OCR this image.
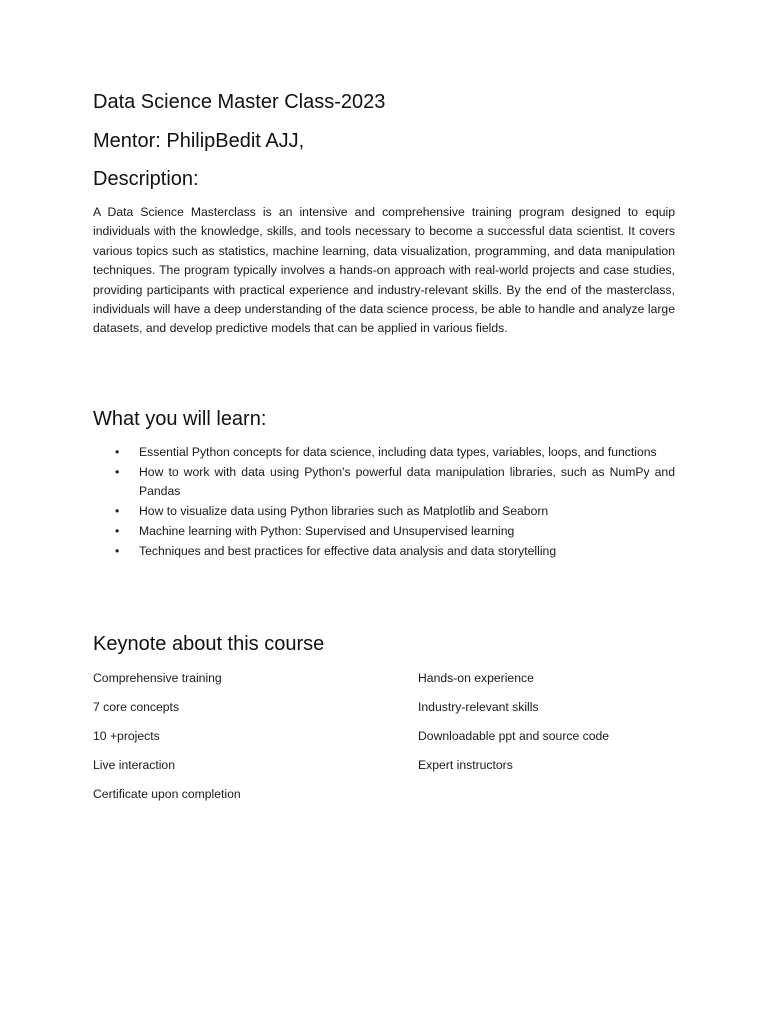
Data Science Master Class-2023
Mentor: PhilipBedit AJJ,
Description:

A Data Science Masterclass is an intensive and comprehensive training program designed to equip individuals with the knowledge, skills, and tools necessary to become a successful data scientist. It covers various topics such as statistics, machine learning, data visualization, programming, and data manipulation techniques. The program typically involves a hands-on approach with real-world projects and case studies, providing participants with practical experience and industry-relevant skills. By the end of the masterclass, individuals will have a deep understanding of the data science process, be able to handle and analyze large datasets, and develop predictive models that can be applied in various fields.

What you will learn:
• Essential Python concepts for data science, including data types, variables, loops, and functions
• How to work with data using Python's powerful data manipulation libraries, such as NumPy and Pandas
• How to visualize data using Python libraries such as Matplotlib and Seaborn
• Machine learning with Python: Supervised and Unsupervised learning
• Techniques and best practices for effective data analysis and data storytelling
Keynote about this course
Comprehensive training	Hands-on experience
7 core concepts	Industry-relevant skills
10 +projects	Downloadable ppt and source code
Live interaction	Expert instructors
Certificate upon completion
